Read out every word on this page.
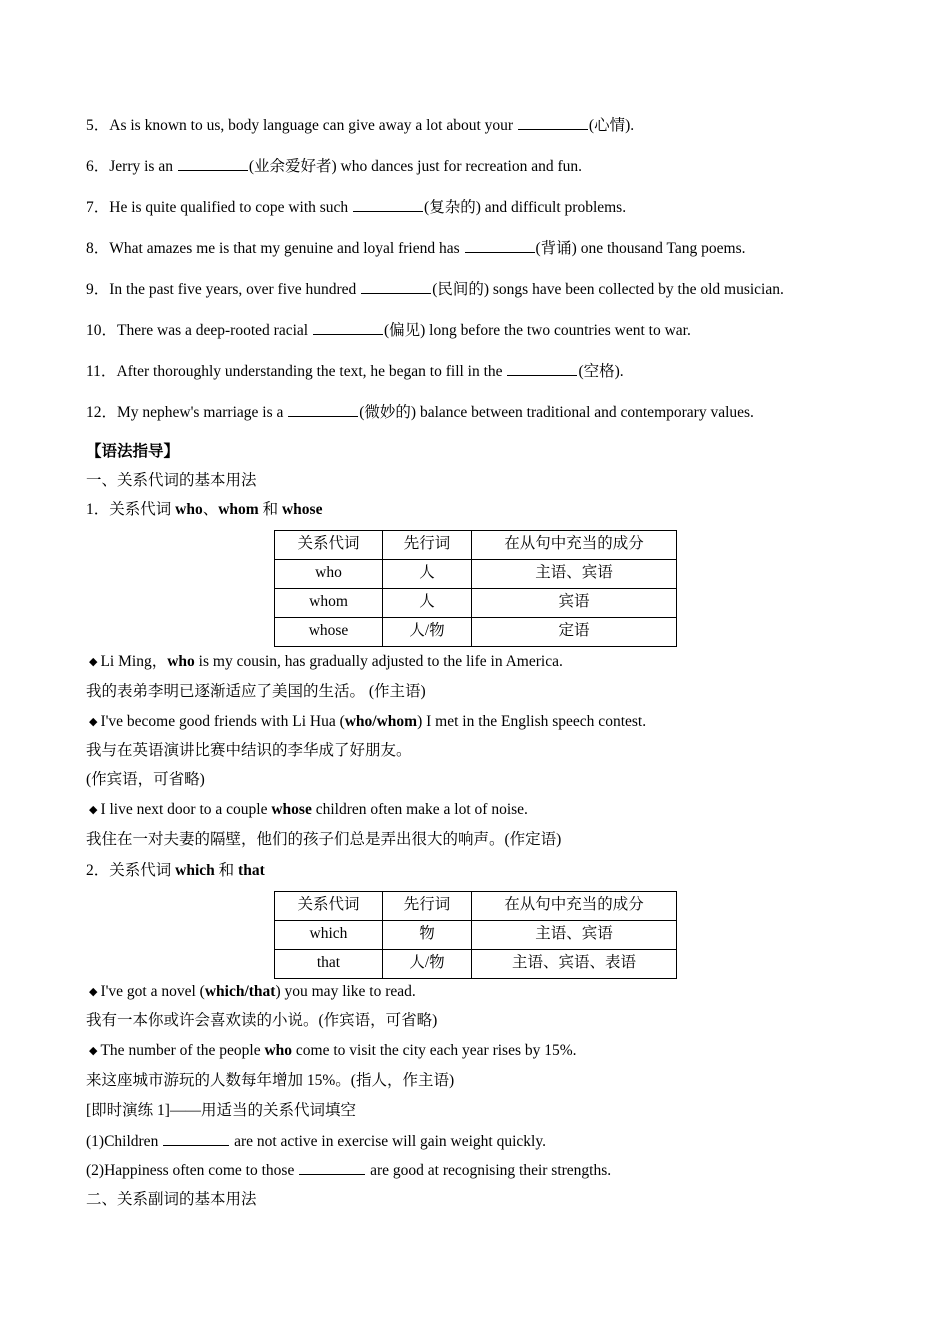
5．As is known to us, body language can give away a lot about your	(心情).
6．Jerry is an	(业余爱好者) who dances just for recreation and fun.
7．He is quite qualified to cope with such	(复杂的) and difficult problems.
8．What amazes me is that my genuine and loyal friend has	(背诵) one thousand Tang poems.
9．In the past five years, over five hundred	(民间的) songs have been collected by the old musician.
10．There was a deep-rooted racial	(偏见) long before the two countries went to war.
11．After thoroughly understanding the text, he began to fill in the	(空格).
12．My nephew's marriage is a	(微妙的) balance between traditional and contemporary values.
【语法指导】
一、关系代词的基本用法
1．关系代词 who、whom 和 whose
关系代词	先行词	在从句中充当的成分
who	人	主语、宾语
whom	人	宾语
whose	人/物	定语
◆ Li Ming，who is my cousin, has gradually adjusted to the life in America.
我的表弟李明已逐渐适应了美国的生活。 (作主语)
◆ I've become good friends with Li Hua (who/whom) I met in the English speech contest.
我与在英语演讲比赛中结识的李华成了好朋友。
(作宾语，可省略)
◆ I live next door to a couple whose children often make a lot of noise.
我住在一对夫妻的隔壁，他们的孩子们总是弄出很大的响声。(作定语)
2．关系代词 which 和 that
关系代词	先行词	在从句中充当的成分
which	物	主语、宾语
that	人/物	主语、宾语、表语
◆ I've got a novel (which/that) you may like to read.
我有一本你或许会喜欢读的小说。(作宾语，可省略)
◆ The number of the people who come to visit the city each year rises by 15%.
来这座城市游玩的人数每年增加 15%。(指人，作主语)
[即时演练 1]——用适当的关系代词填空
(1)Children	are not active in exercise will gain weight quickly.
(2)Happiness often come to those	are good at recognising their strengths.
二、关系副词的基本用法
